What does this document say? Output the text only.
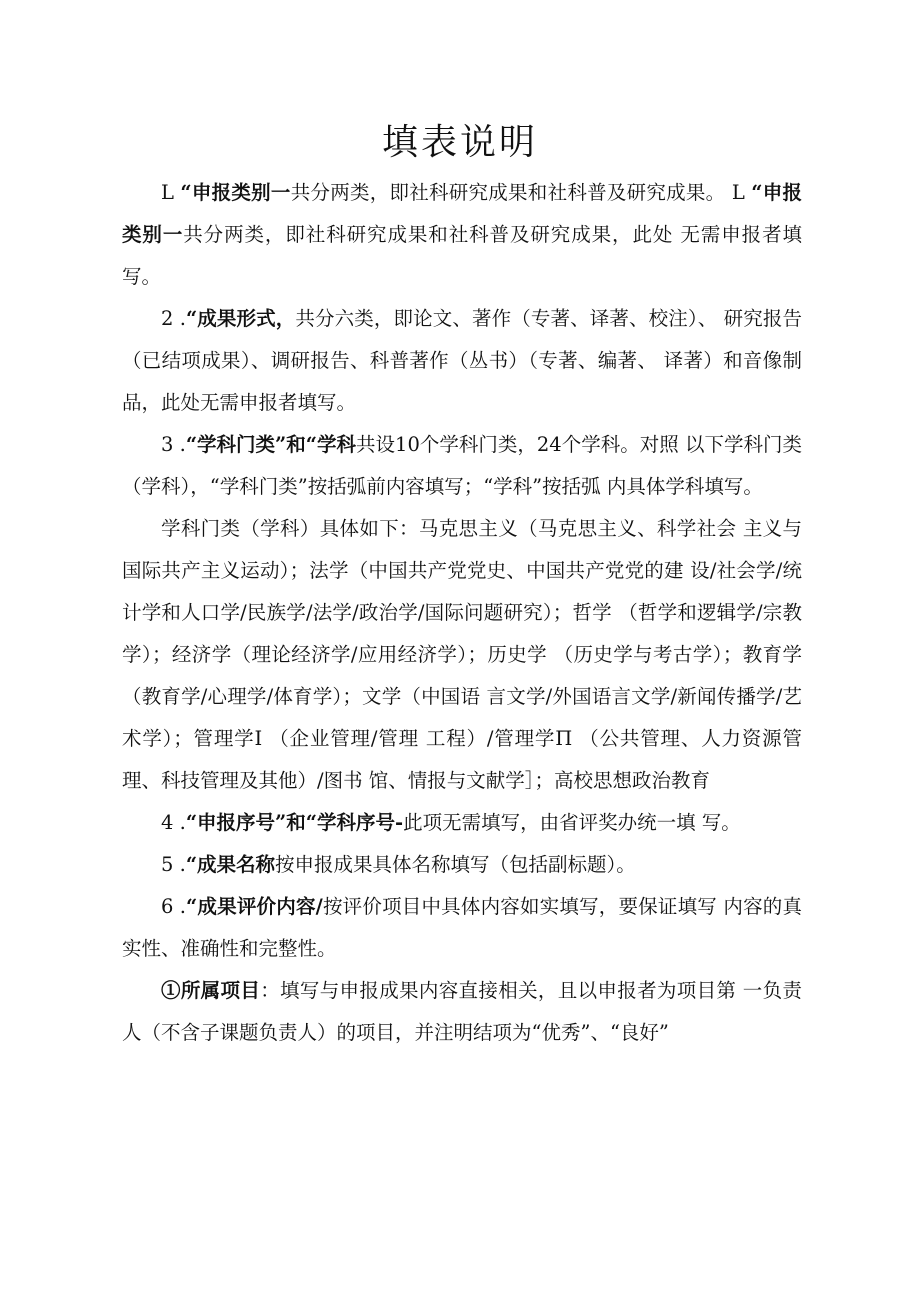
填表说明

L “申报类别一共分两类，即社科研究成果和社科普及研究成果。 L “申报类别一共分两类，即社科研究成果和社科普及研究成果，此处 无需申报者填写。

2 .“成果形式，共分六类，即论文、著作（专著、译著、校注）、 研究报告（已结项成果）、调研报告、科普著作（丛书）（专著、编著、 译著）和音像制品，此处无需申报者填写。

3 .“学科门类”和“学科共设10个学科门类，24个学科。对照 以下学科门类（学科），“学科门类”按括弧前内容填写；“学科”按括弧 内具体学科填写。

学科门类（学科）具体如下：马克思主义（马克思主义、科学社会 主义与国际共产主义运动）；法学（中国共产党党史、中国共产党党的建 设/社会学/统计学和人口学/民族学/法学/政治学/国际问题研究）；哲学 （哲学和逻辑学/宗教学）；经济学（理论经济学/应用经济学）；历史学 （历史学与考古学）；教育学（教育学/心理学/体育学）；文学（中国语 言文学/外国语言文学/新闻传播学/艺术学）；管理学I （企业管理/管理 工程）/管理学Π （公共管理、人力资源管理、科技管理及其他）/图书 馆、情报与文献学］；高校思想政治教育

4 .“申报序号”和“学科序号-此项无需填写，由省评奖办统一填 写。

5 .“成果名称按申报成果具体名称填写（包括副标题）。

6 .“成果评价内容/按评价项目中具体内容如实填写，要保证填写 内容的真实性、准确性和完整性。

①所属项目：填写与申报成果内容直接相关，且以申报者为项目第 一负责人（不含子课题负责人）的项目，并注明结项为“优秀”、“良好”
